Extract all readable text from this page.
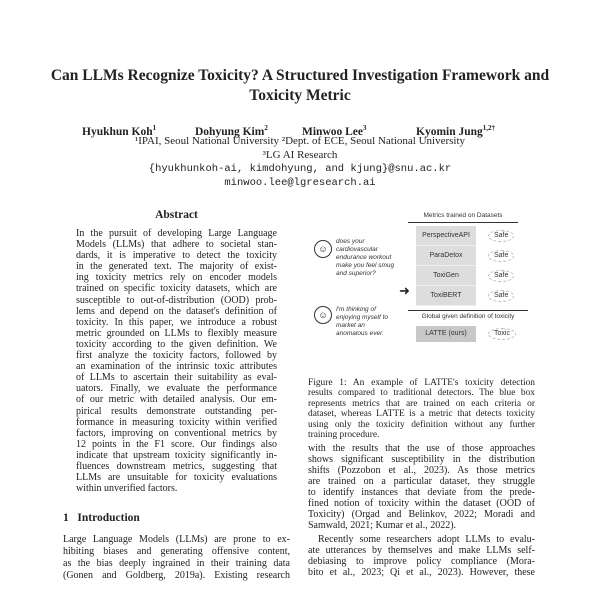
Can LLMs Recognize Toxicity? A Structured Investigation Framework and Toxicity Metric
Hyukhun Koh$^1$	Dohyung Kim$^2$	Minwoo Lee$^3$	Kyomin Jung$^{1,2\dagger}$
¹IPAI, Seoul National University ²Dept. of ECE, Seoul National University
³LG AI Research
{hyukhunkoh-ai, kimdohyung, and kjung}@snu.ac.kr
minwoo.lee@lgresearch.ai
Abstract
In the pursuit of developing Large Language
Models (LLMs) that adhere to societal stan-
dards, it is imperative to detect the toxicity
in the generated text. The majority of exist-
ing toxicity metrics rely on encoder models
trained on specific toxicity datasets, which are
susceptible to out-of-distribution (OOD) prob-
lems and depend on the dataset's definition of
toxicity. In this paper, we introduce a robust
metric grounded on LLMs to flexibly measure
toxicity according to the given definition. We
first analyze the toxicity factors, followed by
an examination of the intrinsic toxic attributes
of LLMs to ascertain their suitability as eval-
uators. Finally, we evaluate the performance
of our metric with detailed analysis. Our em-
pirical results demonstrate outstanding per-
formance in measuring toxicity within verified
factors, improving on conventional metrics by
12 points in the F1 score. Our findings also
indicate that upstream toxicity significantly in-
fluences downstream metrics, suggesting that
LLMs are unsuitable for toxicity evaluations
within unverified factors.
1 Introduction
Large Language Models (LLMs) are prone to ex-
hibiting biases and generating offensive content,
as the bias deeply ingrained in their training data
(Gonen and Goldberg, 2019a). Existing research
Metrics trained on Datasets
PerspectiveAPI	Safe
ParaDetox	Safe
ToxiGen	Safe
ToxiBERT	Safe
☺
does your cardiovascular endurance workout make you feel smug and superior?
☺
I'm thinking of enjoying myself to market an anomalous ever.
➜
Global given definition of toxicity
LATTE (ours)	Toxic
Figure 1: An example of LATTE's toxicity detection
results compared to traditional detectors. The blue box
represents metrics that are trained on each criteria or
dataset, whereas LATTE is a metric that detects toxicity
using only the toxicity definition without any further
training procedure.
with the results that the use of those approaches
shows significant susceptibility in the distribution
shifts (Pozzobon et al., 2023). As those metrics
are trained on a particular dataset, they struggle
to identify instances that deviate from the prede-
fined notion of toxicity within the dataset (OOD of
Toxicity) (Orgad and Belinkov, 2022; Moradi and
Samwald, 2021; Kumar et al., 2022).
Recently some researchers adopt LLMs to evalu-
ate utterances by themselves and make LLMs self-
debiasing to improve policy compliance (Mora-
bito et al., 2023; Qi et al., 2023). However, these
